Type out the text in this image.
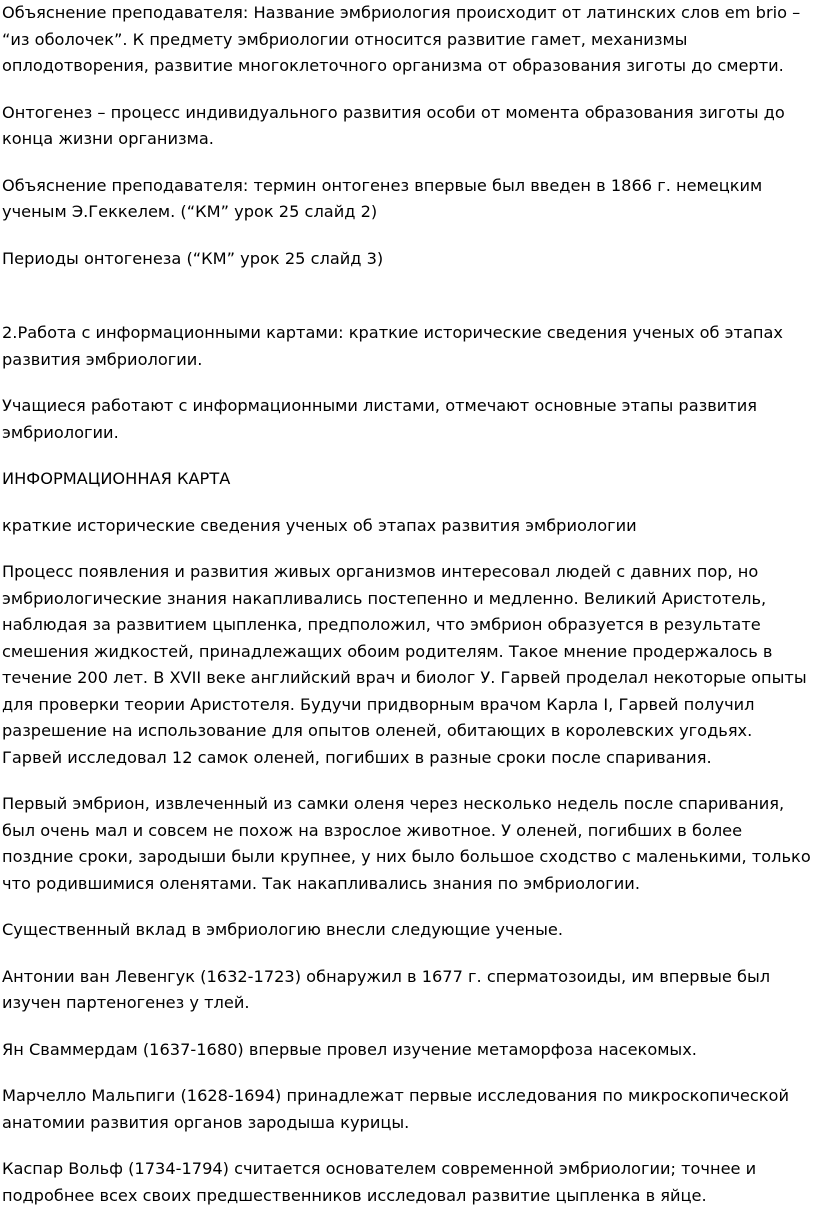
Объяснение преподавателя: Название эмбриология происходит от латинских слов em brio – “из оболочек”. К предмету эмбриологии относится развитие гамет, механизмы оплодотворения, развитие многоклеточного организма от образования зиготы до смерти.

Онтогенез – процесс индивидуального развития особи от момента образования зиготы до конца жизни организма.

Объяснение преподавателя: термин онтогенез впервые был введен в 1866 г. немецким ученым Э.Геккелем. (“КМ” урок 25 слайд 2)

Периоды онтогенеза (“КМ” урок 25 слайд 3)

2.Работа с информационными картами: краткие исторические сведения ученых об этапах развития эмбриологии.

Учащиеся работают с информационными листами, отмечают основные этапы развития эмбриологии.

ИНФОРМАЦИОННАЯ КАРТА

краткие исторические сведения ученых об этапах развития эмбриологии

Процесс появления и развития живых организмов интересовал людей с давних пор, но эмбриологические знания накапливались постепенно и медленно. Великий Аристотель, наблюдая за развитием цыпленка, предположил, что эмбрион образуется в результате смешения жидкостей, принадлежащих обоим родителям. Такое мнение продержалось в течение 200 лет. В XVII веке английский врач и биолог У. Гарвей проделал некоторые опыты для проверки теории Аристотеля. Будучи придворным врачом Карла I, Гарвей получил разрешение на использование для опытов оленей, обитающих в королевских угодьях. Гарвей исследовал 12 самок оленей, погибших в разные сроки после спаривания.

Первый эмбрион, извлеченный из самки оленя через несколько недель после спаривания, был очень мал и совсем не похож на взрослое животное. У оленей, погибших в более поздние сроки, зародыши были крупнее, у них было большое сходство с маленькими, только что родившимися оленятами. Так накапливались знания по эмбриологии.

Существенный вклад в эмбриологию внесли следующие ученые.

Антонии ван Левенгук (1632-1723) обнаружил в 1677 г. сперматозоиды, им впервые был изучен партеногенез у тлей.

Ян Сваммердам (1637-1680) впервые провел изучение метаморфоза насекомых.

Марчелло Мальпиги (1628-1694) принадлежат первые исследования по микроскопической анатомии развития органов зародыша курицы.

Каспар Вольф (1734-1794) считается основателем современной эмбриологии; точнее и подробнее всех своих предшественников исследовал развитие цыпленка в яйце.
